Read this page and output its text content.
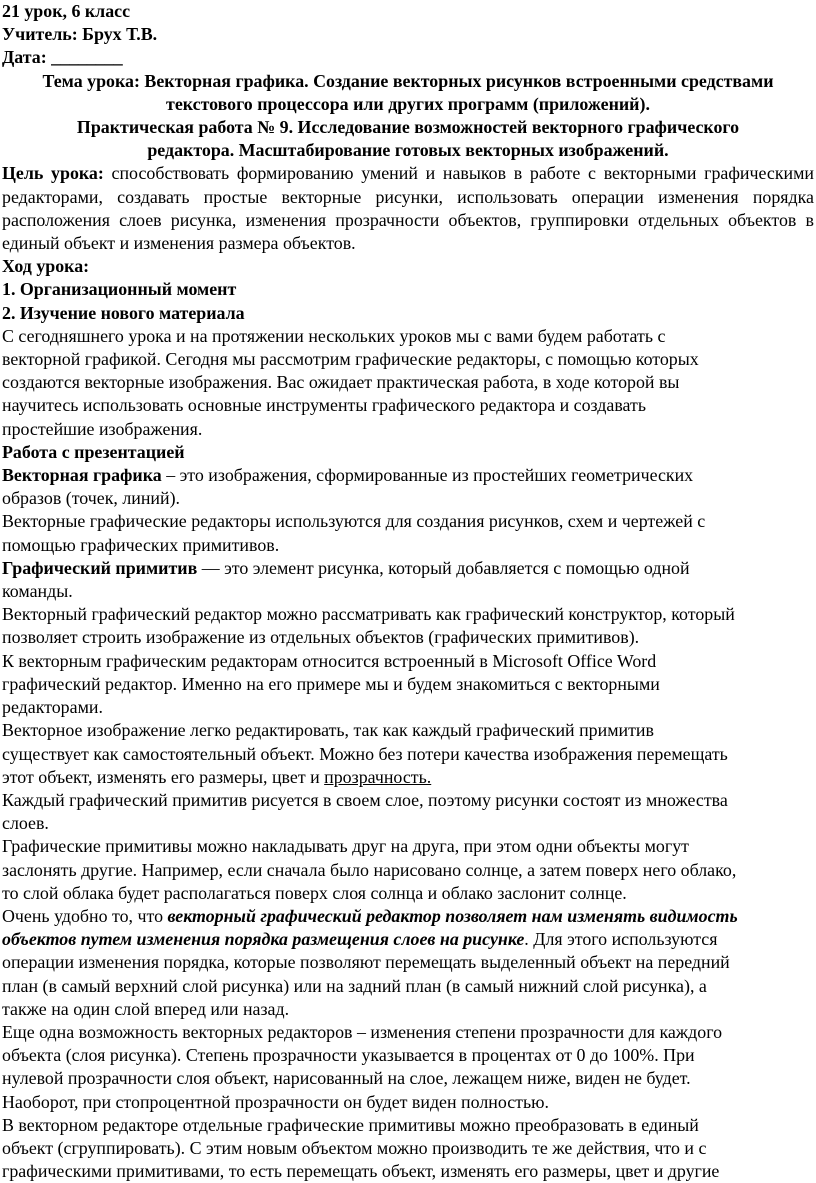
21 урок, 6 класс
Учитель: Брух Т.В.
Дата: ________
Тема урока: Векторная графика. Создание векторных рисунков встроенными средствами
текстового процессора или других программ (приложений).
Практическая работа № 9. Исследование возможностей векторного графического
редактора. Масштабирование готовых векторных изображений.

Цель урока: способствовать формированию умений и навыков в работе с векторными графическими редакторами, создавать простые векторные рисунки, использовать операции изменения порядка расположения слоев рисунка, изменения прозрачности объектов, группировки отдельных объектов в единый объект и изменения размера объектов.

Ход урока:
1. Организационный момент
2. Изучение нового материала
С сегодняшнего урока и на протяжении нескольких уроков мы с вами будем работать с
векторной графикой. Сегодня мы рассмотрим графические редакторы, с помощью которых
создаются векторные изображения. Вас ожидает практическая работа, в ходе которой вы
научитесь использовать основные инструменты графического редактора и создавать
простейшие изображения.
Работа с презентацией
Векторная графика – это изображения, сформированные из простейших геометрических
образов (точек, линий).
Векторные графические редакторы используются для создания рисунков, схем и чертежей с
помощью графических примитивов.
Графический примитив — это элемент рисунка, который добавляется с помощью одной
команды.
Векторный графический редактор можно рассматривать как графический конструктор, который
позволяет строить изображение из отдельных объектов (графических примитивов).
К векторным графическим редакторам относится встроенный в Microsoft Office Word
графический редактор. Именно на его примере мы и будем знакомиться с векторными
редакторами.
Векторное изображение легко редактировать, так как каждый графический примитив
существует как самостоятельный объект. Можно без потери качества изображения перемещать
этот объект, изменять его размеры, цвет и прозрачность.
Каждый графический примитив рисуется в своем слое, поэтому рисунки состоят из множества
слоев.
Графические примитивы можно накладывать друг на друга, при этом одни объекты могут
заслонять другие. Например, если сначала было нарисовано солнце, а затем поверх него облако,
то слой облака будет располагаться поверх слоя солнца и облако заслонит солнце.
Очень удобно то, что векторный графический редактор позволяет нам изменять видимость
объектов путем изменения порядка размещения слоев на рисунке. Для этого используются
операции изменения порядка, которые позволяют перемещать выделенный объект на передний
план (в самый верхний слой рисунка) или на задний план (в самый нижний слой рисунка), а
также на один слой вперед или назад.
Еще одна возможность векторных редакторов – изменения степени прозрачности для каждого
объекта (слоя рисунка). Степень прозрачности указывается в процентах от 0 до 100%. При
нулевой прозрачности слоя объект, нарисованный на слое, лежащем ниже, виден не будет.
Наоборот, при стопроцентной прозрачности он будет виден полностью.
В векторном редакторе отдельные графические примитивы можно преобразовать в единый
объект (сгруппировать). С этим новым объектом можно производить те же действия, что и с
графическими примитивами, то есть перемещать объект, изменять его размеры, цвет и другие
